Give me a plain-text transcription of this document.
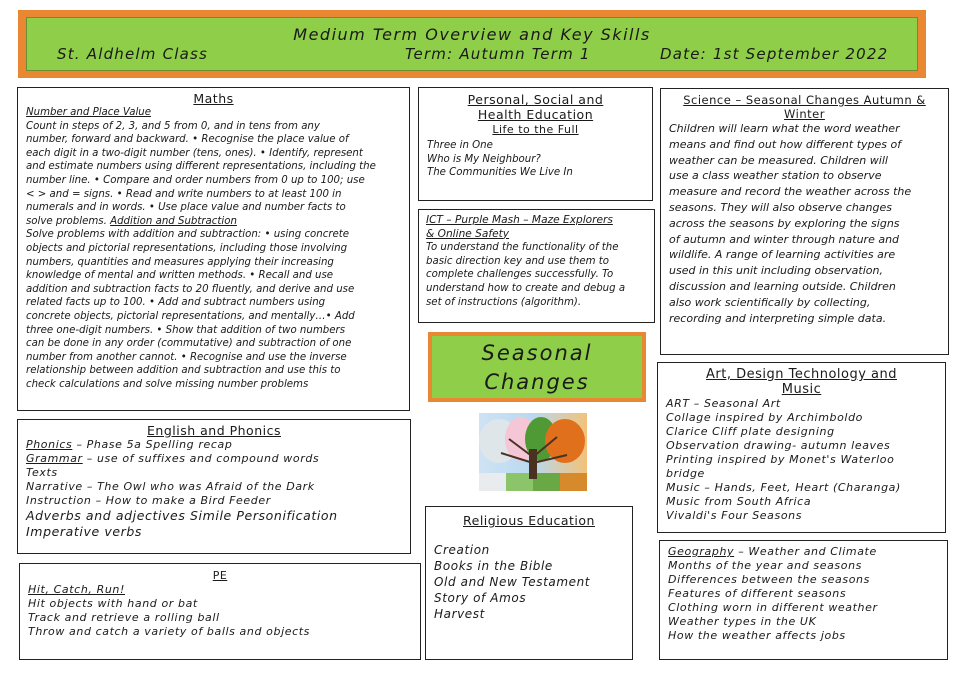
Medium Term Overview and Key Skills
St. Aldhelm Class	Term: Autumn Term 1	Date: 1st September 2022
Maths
Number and Place Value
Count in steps of 2, 3, and 5 from 0, and in tens from any
number, forward and backward. • Recognise the place value of
each digit in a two-digit number (tens, ones). • Identify, represent
and estimate numbers using different representations, including the
number line. • Compare and order numbers from 0 up to 100; use
< > and = signs. • Read and write numbers to at least 100 in
numerals and in words. • Use place value and number facts to
solve problems. Addition and Subtraction
Solve problems with addition and subtraction: • using concrete
objects and pictorial representations, including those involving
numbers, quantities and measures applying their increasing
knowledge of mental and written methods. • Recall and use
addition and subtraction facts to 20 fluently, and derive and use
related facts up to 100. • Add and subtract numbers using
concrete objects, pictorial representations, and mentally…• Add
three one-digit numbers. • Show that addition of two numbers
can be done in any order (commutative) and subtraction of one
number from another cannot. • Recognise and use the inverse
relationship between addition and subtraction and use this to
check calculations and solve missing number problems
English and Phonics
Phonics – Phase 5a Spelling recap
Grammar – use of suffixes and compound words
Texts
Narrative – The Owl who was Afraid of the Dark
Instruction – How to make a Bird Feeder
Adverbs and adjectives Simile Personification
Imperative verbs
PE
Hit, Catch, Run!
Hit objects with hand or bat
Track and retrieve a rolling ball
Throw and catch a variety of balls and objects
Personal, Social and
Health Education
Life to the Full
Three in One
Who is My Neighbour?
The Communities We Live In
ICT – Purple Mash – Maze Explorers
& Online Safety
To understand the functionality of the
basic direction key and use them to
complete challenges successfully. To
understand how to create and debug a
set of instructions (algorithm).
Seasonal
Changes
Religious Education
Creation
Books in the Bible
Old and New Testament
Story of Amos
Harvest
Science – Seasonal Changes Autumn &
Winter
Children will learn what the word weather
means and find out how different types of
weather can be measured. Children will
use a class weather station to observe
measure and record the weather across the
seasons. They will also observe changes
across the seasons by exploring the signs
of autumn and winter through nature and
wildlife. A range of learning activities are
used in this unit including observation,
discussion and learning outside. Children
also work scientifically by collecting,
recording and interpreting simple data.
Art, Design Technology and
Music
ART – Seasonal Art
Collage inspired by Archimboldo
Clarice Cliff plate designing
Observation drawing- autumn leaves
Printing inspired by Monet's Waterloo
bridge
Music – Hands, Feet, Heart (Charanga)
Music from South Africa
Vivaldi's Four Seasons
Geography – Weather and Climate
Months of the year and seasons
Differences between the seasons
Features of different seasons
Clothing worn in different weather
Weather types in the UK
How the weather affects jobs
